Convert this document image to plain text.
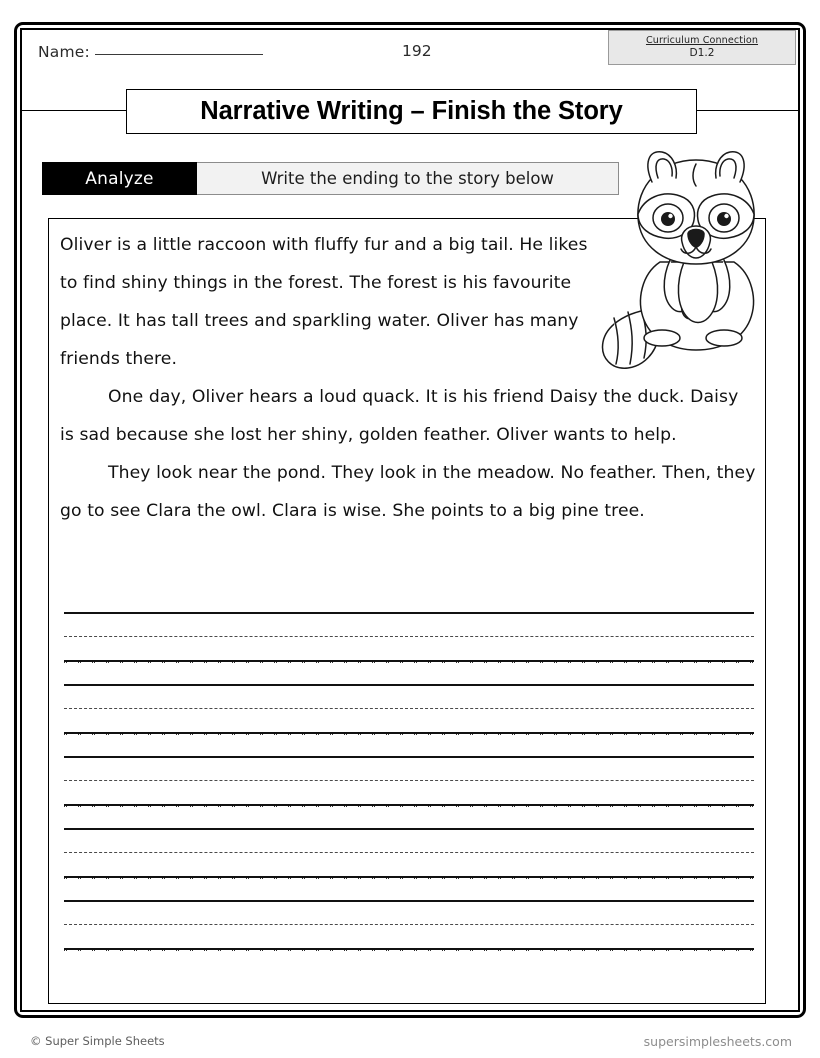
Name:	192
Curriculum Connection
D1.2
Narrative Writing – Finish the Story
Analyze	Write the ending to the story below

Oliver is a little raccoon with fluffy fur and a big tail. He likes to find shiny things in the forest. The forest is his favourite place. It has tall trees and sparkling water. Oliver has many friends there.

One day, Oliver hears a loud quack. It is his friend Daisy the duck. Daisy is sad because she lost her shiny, golden feather. Oliver wants to help.

They look near the pond. They look in the meadow. No feather. Then, they go to see Clara the owl. Clara is wise. She points to a big pine tree.

© Super Simple Sheets	supersimplesheets.com
